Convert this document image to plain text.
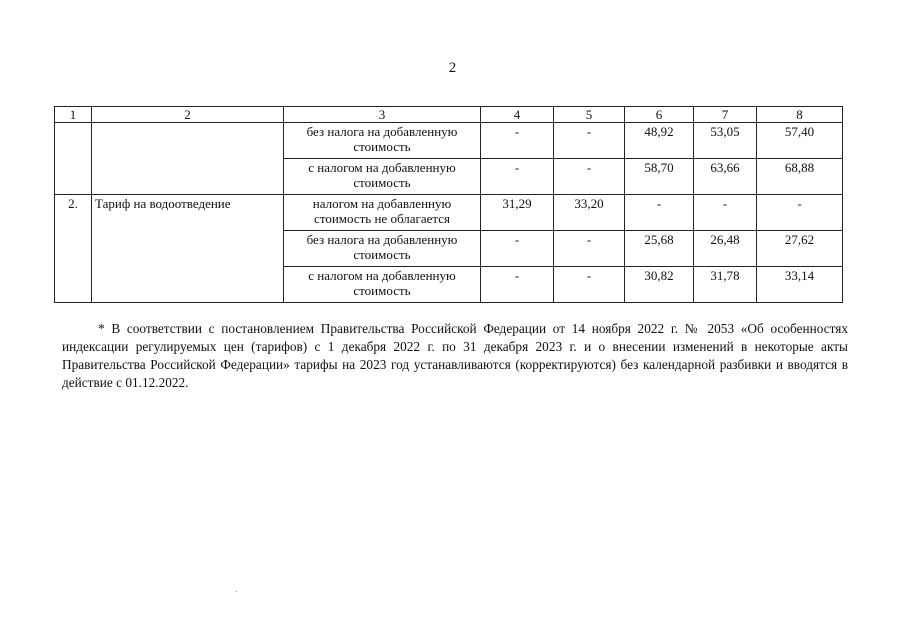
2
1	2	3	4	5	6	7	8
		без налога на добавленную стоимость	-	-	48,92	53,05	57,40
		с налогом на добавленную стоимость	-	-	58,70	63,66	68,88
2.	Тариф на водоотведение	налогом на добавленную стоимость не облагается	31,29	33,20	-	-	-
		без налога на добавленную стоимость	-	-	25,68	26,48	27,62
		с налогом на добавленную стоимость	-	-	30,82	31,78	33,14

* В соответствии с постановлением Правительства Российской Федерации от 14 ноября 2022 г. № 2053 «Об особенностях индексации регулируемых цен (тарифов) с 1 декабря 2022 г. по 31 декабря 2023 г. и о внесении изменений в некоторые акты Правительства Российской Федерации» тарифы на 2023 год устанавливаются (корректируются) без календарной разбивки и вводятся в действие с 01.12.2022.
